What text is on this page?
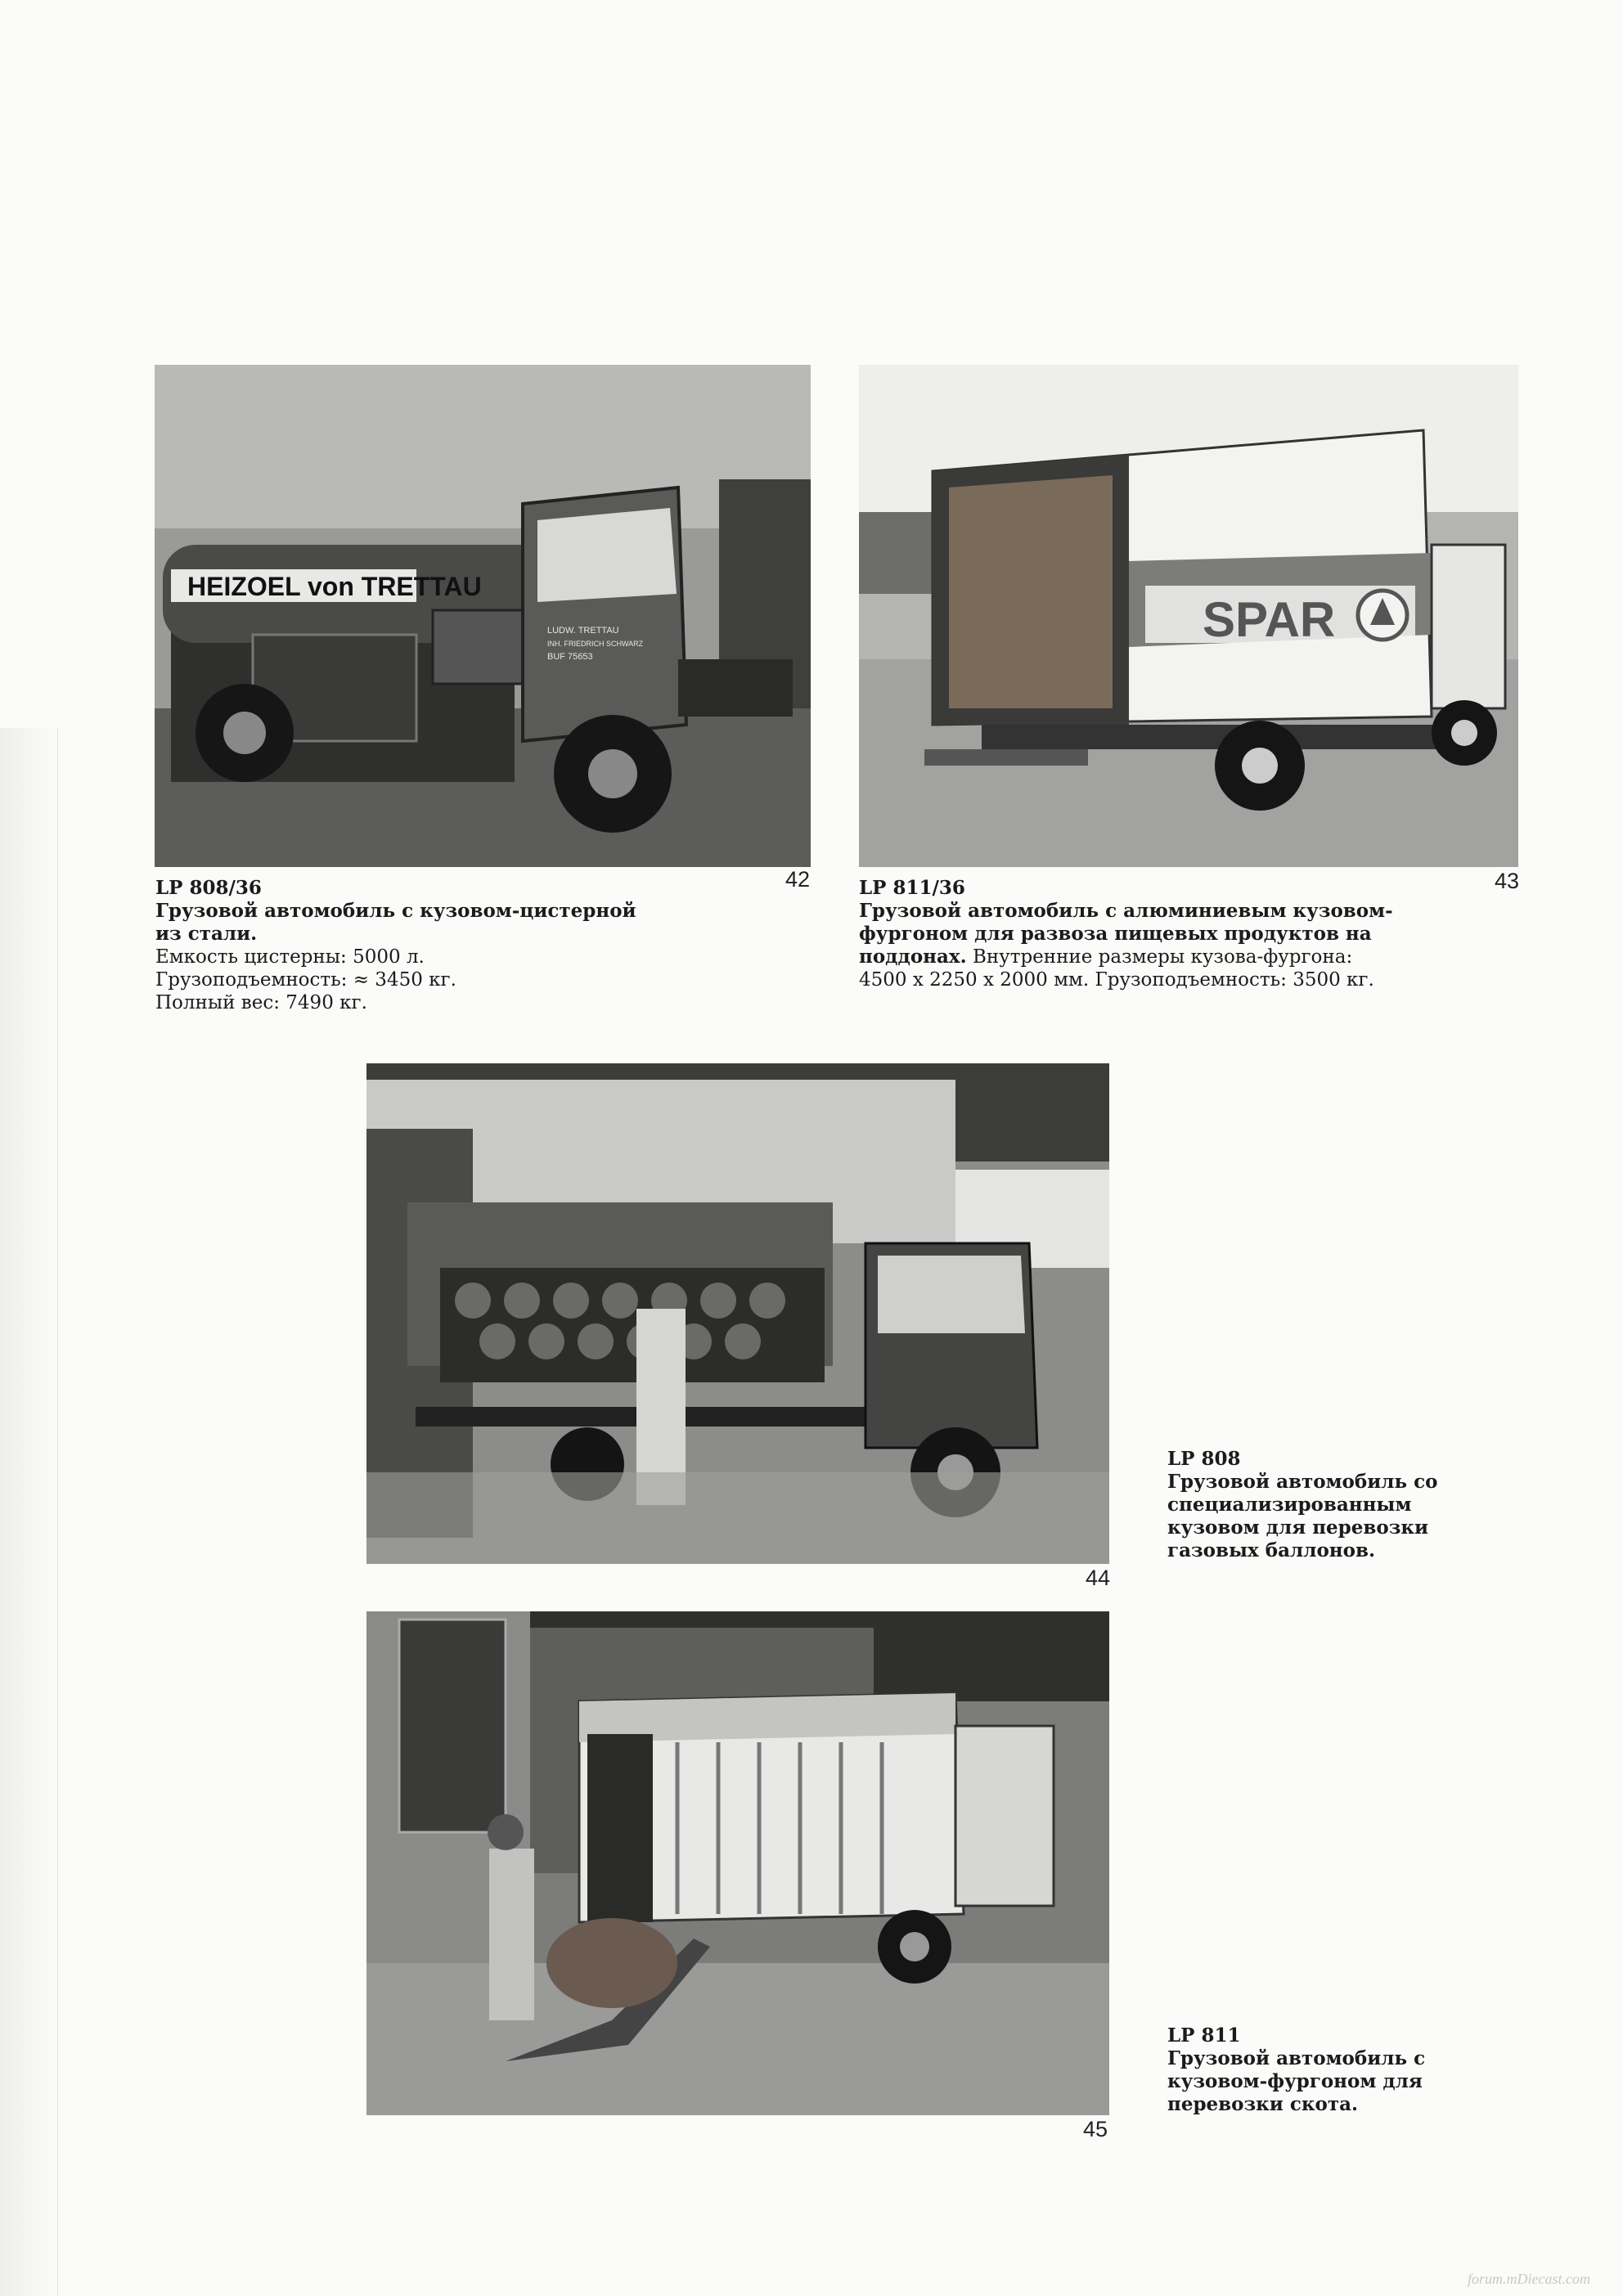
HEIZOEL von TRETTAU
LUDW. TRETTAU
INH. FRIEDRICH SCHWARZ
BUF 75653
42
LP 808/36
Грузовой автомобиль с кузовом-цистерной
из стали.
Емкость цистерны: 5000 л.
Грузоподъемность: ≈ 3450 кг.
Полный вес: 7490 кг.
SPAR
43
LP 811/36
Грузовой автомобиль с алюминиевым кузовом-
фургоном для развоза пищевых продуктов на
поддонах. Внутренние размеры кузова-фургона:
4500 x 2250 x 2000 мм. Грузоподъемность: 3500 кг.
44
LP 808
Грузовой автомобиль со
специализированным
кузовом для перевозки
газовых баллонов.
45
LP 811
Грузовой автомобиль с
кузовом-фургоном для
перевозки скота.
forum.mDiecast.com
